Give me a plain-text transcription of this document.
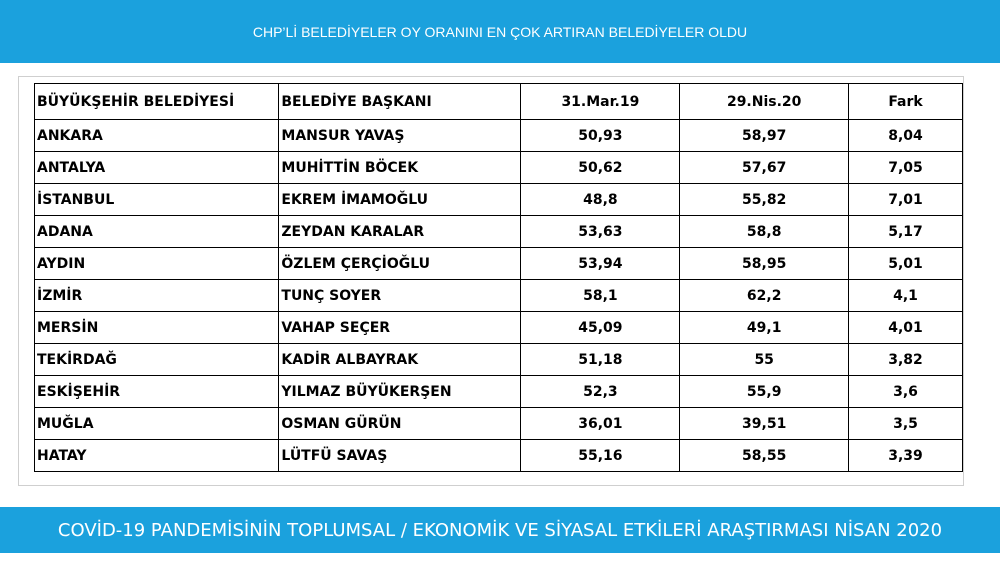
CHP’Lİ BELEDİYELER OY ORANINI EN ÇOK ARTIRAN BELEDİYELER OLDU
BÜYÜKŞEHİR BELEDİYESİ	BELEDİYE BAŞKANI	31.Mar.19	29.Nis.20	Fark
ANKARA	MANSUR YAVAŞ	50,93	58,97	8,04
ANTALYA	MUHİTTİN BÖCEK	50,62	57,67	7,05
İSTANBUL	EKREM İMAMOĞLU	48,8	55,82	7,01
ADANA	ZEYDAN KARALAR	53,63	58,8	5,17
AYDIN	ÖZLEM ÇERÇİOĞLU	53,94	58,95	5,01
İZMİR	TUNÇ SOYER	58,1	62,2	4,1
MERSİN	VAHAP SEÇER	45,09	49,1	4,01
TEKİRDAĞ	KADİR ALBAYRAK	51,18	55	3,82
ESKİŞEHİR	YILMAZ BÜYÜKERŞEN	52,3	55,9	3,6
MUĞLA	OSMAN GÜRÜN	36,01	39,51	3,5
HATAY	LÜTFÜ SAVAŞ	55,16	58,55	3,39
COVİD-19 PANDEMİSİNİN TOPLUMSAL / EKONOMİK VE SİYASAL ETKİLERİ ARAŞTIRMASI NİSAN 2020
